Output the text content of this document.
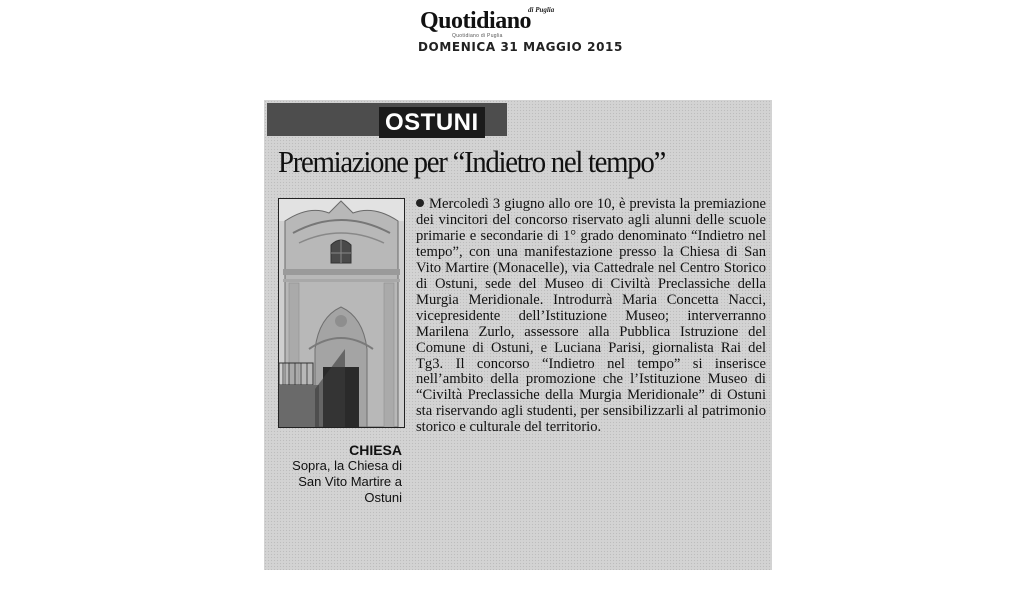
Quotidiano
di Puglia
Quotidiano di Puglia
DOMENICA 31 MAGGIO 2015
OSTUNI
Premiazione per “Indietro nel tempo”
CHIESA
Sopra, la Chiesa di San Vito Martire a Ostuni
Mercoledì 3 giugno allo ore 10, è prevista la premiazione dei vincitori del concorso riservato agli alunni delle scuole primarie e secondarie di 1° grado denominato “Indietro nel tempo”, con una manifestazione presso la Chiesa di San Vito Martire (Monacelle), via Cattedrale nel Centro Storico di Ostuni, sede del Museo di Civiltà Preclassiche della Murgia Meridionale. Introdurrà Maria Concetta Nacci, vicepresidente dell’Istituzione Museo; interverranno Marilena Zurlo, assessore alla Pubblica Istruzione del Comune di Ostuni, e Luciana Parisi, giornalista Rai del Tg3. Il concorso “Indietro nel tempo” si inserisce nell’ambito della promozione che l’Istituzione Museo di “Civiltà Preclassiche della Murgia Meridionale” di Ostuni sta riservando agli studenti, per sensibilizzarli al patrimonio storico e culturale del territorio.
